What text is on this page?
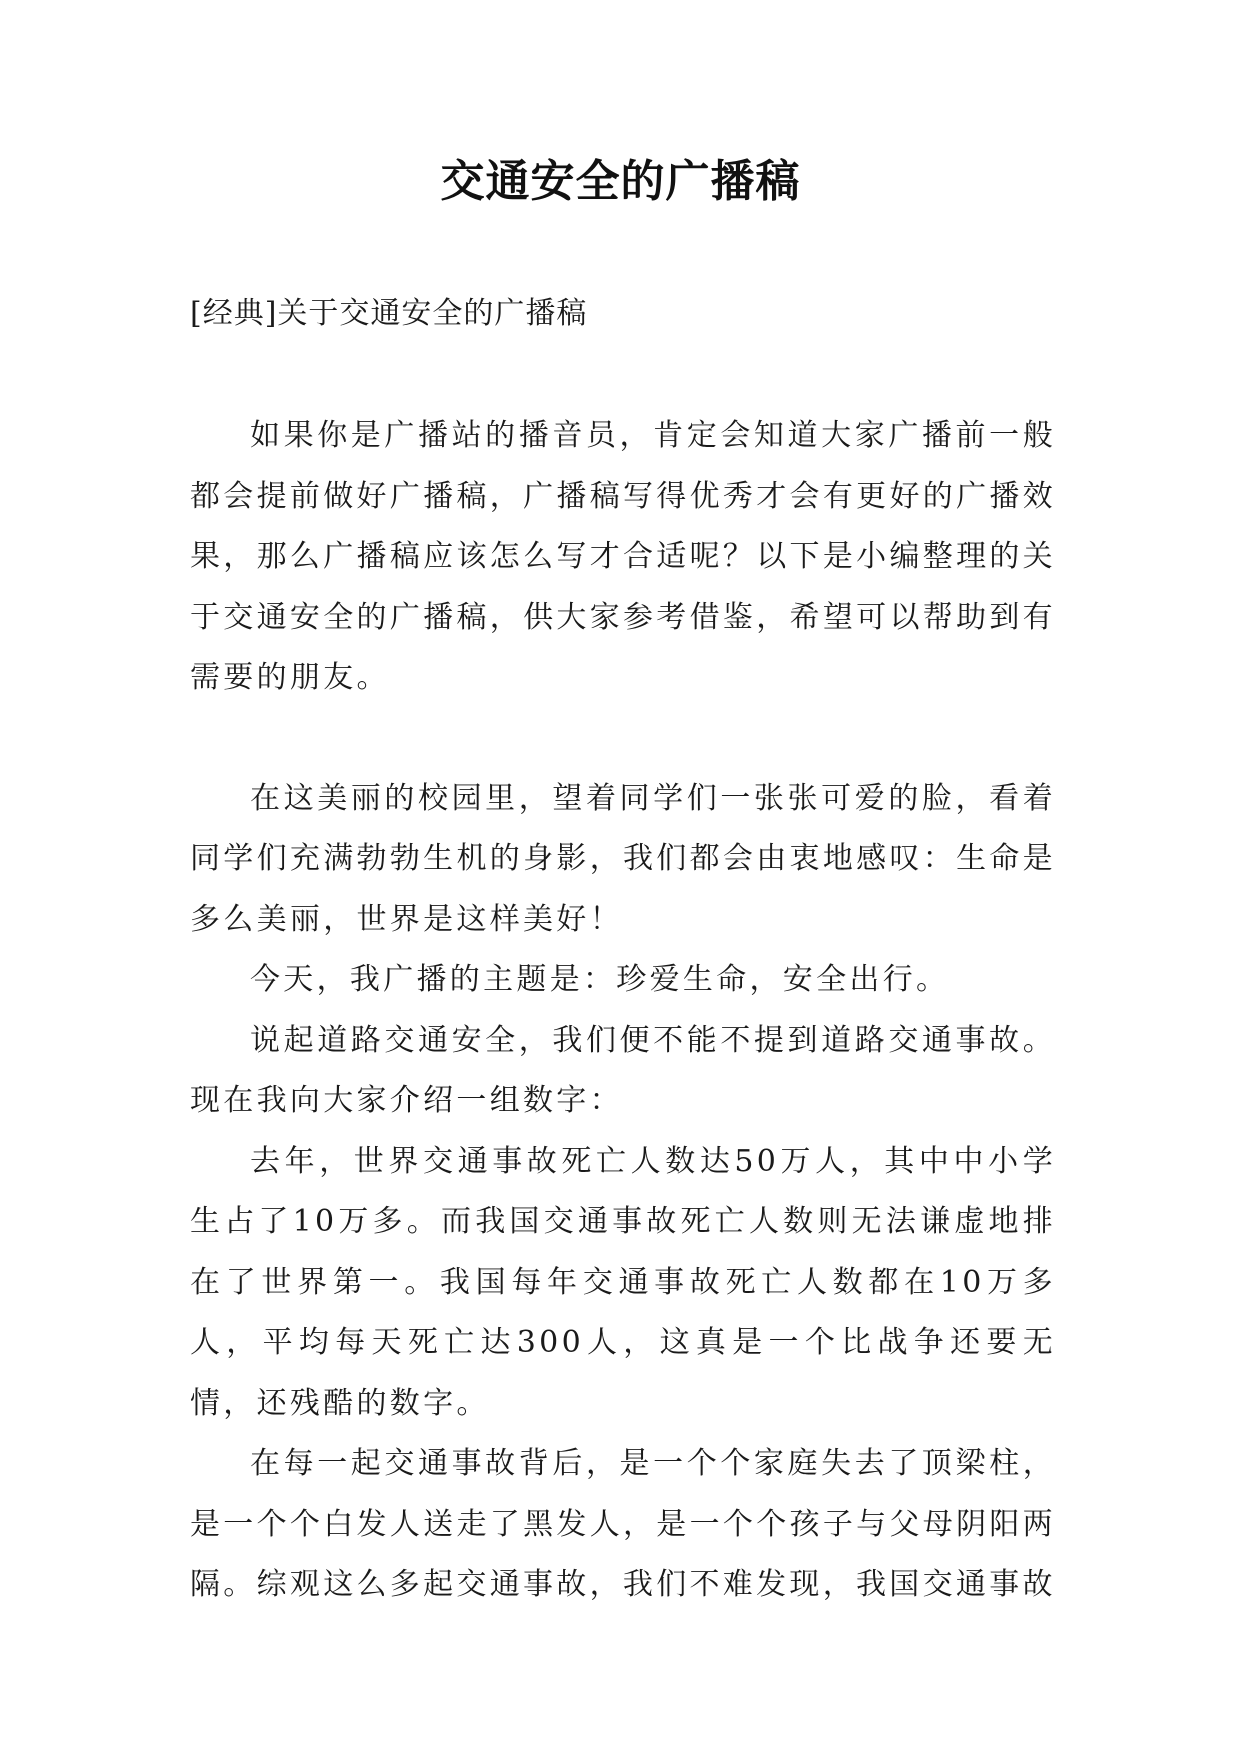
交通安全的广播稿
[经典]关于交通安全的广播稿

如果你是广播站的播音员，肯定会知道大家广播前一般都会提前做好广播稿，广播稿写得优秀才会有更好的广播效果，那么广播稿应该怎么写才合适呢？以下是小编整理的关于交通安全的广播稿，供大家参考借鉴，希望可以帮助到有需要的朋友。

在这美丽的校园里，望着同学们一张张可爱的脸，看着同学们充满勃勃生机的身影，我们都会由衷地感叹：生命是多么美丽，世界是这样美好！

今天，我广播的主题是：珍爱生命，安全出行。

说起道路交通安全，我们便不能不提到道路交通事故。现在我向大家介绍一组数字：

去年，世界交通事故死亡人数达50万人，其中中小学生占了10万多。而我国交通事故死亡人数则无法谦虚地排在了世界第一。我国每年交通事故死亡人数都在10万多人，平均每天死亡达300人，这真是一个比战争还要无情，还残酷的数字。

在每一起交通事故背后，是一个个家庭失去了顶梁柱，是一个个白发人送走了黑发人，是一个个孩子与父母阴阳两隔。综观这么多起交通事故，我们不难发现，我国交通事故
